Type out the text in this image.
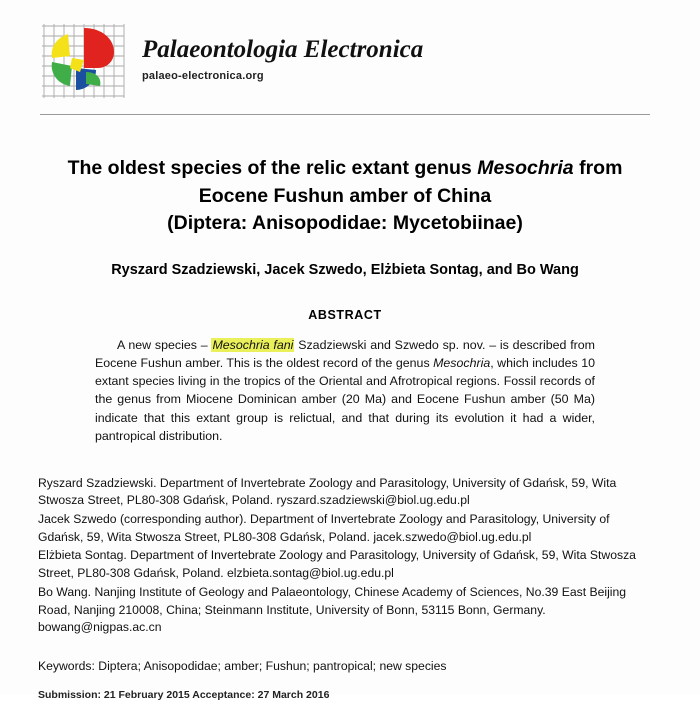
Palaeontologia Electronica
palaeo-electronica.org
The oldest species of the relic extant genus Mesochria from
Eocene Fushun amber of China
(Diptera: Anisopodidae: Mycetobiinae)
Ryszard Szadziewski, Jacek Szwedo, Elżbieta Sontag, and Bo Wang
ABSTRACT
A new species – Mesochria fani Szadziewski and Szwedo sp. nov. – is described from Eocene Fushun amber. This is the oldest record of the genus Mesochria, which includes 10 extant species living in the tropics of the Oriental and Afrotropical regions. Fossil records of the genus from Miocene Dominican amber (20 Ma) and Eocene Fushun amber (50 Ma) indicate that this extant group is relictual, and that during its evolution it had a wider, pantropical distribution.
Ryszard Szadziewski. Department of Invertebrate Zoology and Parasitology, University of Gdańsk, 59, Wita Stwosza Street, PL80-308 Gdańsk, Poland. ryszard.szadziewski@biol.ug.edu.pl
Jacek Szwedo (corresponding author). Department of Invertebrate Zoology and Parasitology, University of Gdańsk, 59, Wita Stwosza Street, PL80-308 Gdańsk, Poland. jacek.szwedo@biol.ug.edu.pl
Elżbieta Sontag. Department of Invertebrate Zoology and Parasitology, University of Gdańsk, 59, Wita Stwosza Street, PL80-308 Gdańsk, Poland. elzbieta.sontag@biol.ug.edu.pl
Bo Wang. Nanjing Institute of Geology and Palaeontology, Chinese Academy of Sciences, No.39 East Beijing Road, Nanjing 210008, China; Steinmann Institute, University of Bonn, 53115 Bonn, Germany. bowang@nigpas.ac.cn
Keywords: Diptera; Anisopodidae; amber; Fushun; pantropical; new species
Submission: 21 February 2015 Acceptance: 27 March 2016
